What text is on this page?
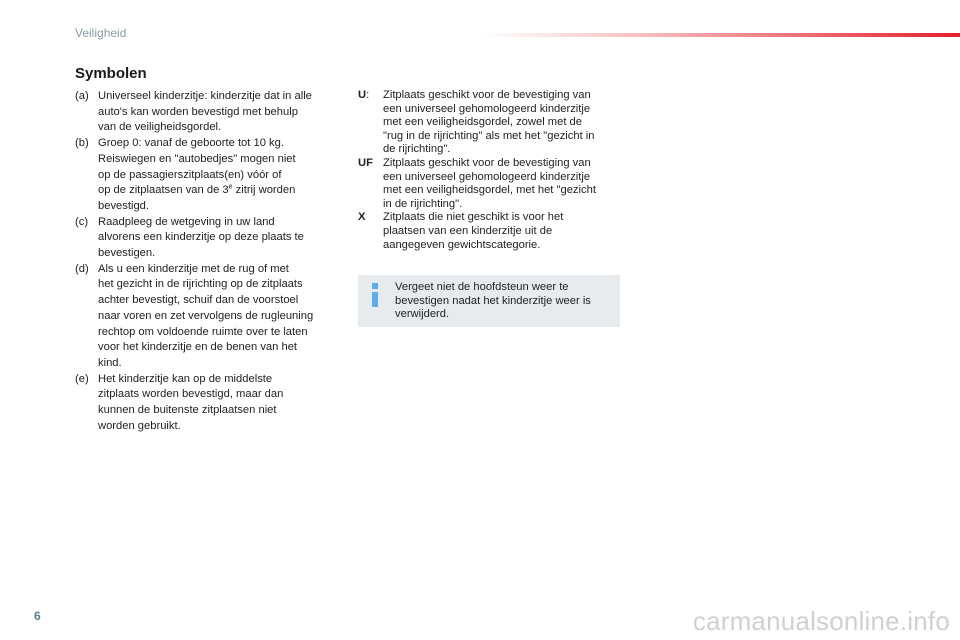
Veiligheid
Symbolen
(a) Universeel kinderzitje: kinderzitje dat in alle
auto's kan worden bevestigd met behulp
van de veiligheidsgordel.
(b) Groep 0: vanaf de geboorte tot 10 kg.
Reiswiegen en "autobedjes" mogen niet
op de passagierszitplaats(en) vóór of
op de zitplaatsen van de 3e zitrij worden
bevestigd.
(c) Raadpleeg de wetgeving in uw land
alvorens een kinderzitje op deze plaats te
bevestigen.
(d) Als u een kinderzitje met de rug of met
het gezicht in de rijrichting op de zitplaats
achter bevestigt, schuif dan de voorstoel
naar voren en zet vervolgens de rugleuning
rechtop om voldoende ruimte over te laten
voor het kinderzitje en de benen van het
kind.
(e) Het kinderzitje kan op de middelste
zitplaats worden bevestigd, maar dan
kunnen de buitenste zitplaatsen niet
worden gebruikt.
U:	Zitplaats geschikt voor de bevestiging van
een universeel gehomologeerd kinderzitje
met een veiligheidsgordel, zowel met de
"rug in de rijrichting" als met het "gezicht in
de rijrichting".
UF Zitplaats geschikt voor de bevestiging van
een universeel gehomologeerd kinderzitje
met een veiligheidsgordel, met het "gezicht
in de rijrichting".
X	Zitplaats die niet geschikt is voor het
plaatsen van een kinderzitje uit de
aangegeven gewichtscategorie.
Vergeet niet de hoofdsteun weer te
bevestigen nadat het kinderzitje weer is
verwijderd.
6	carmanualsonline.info
